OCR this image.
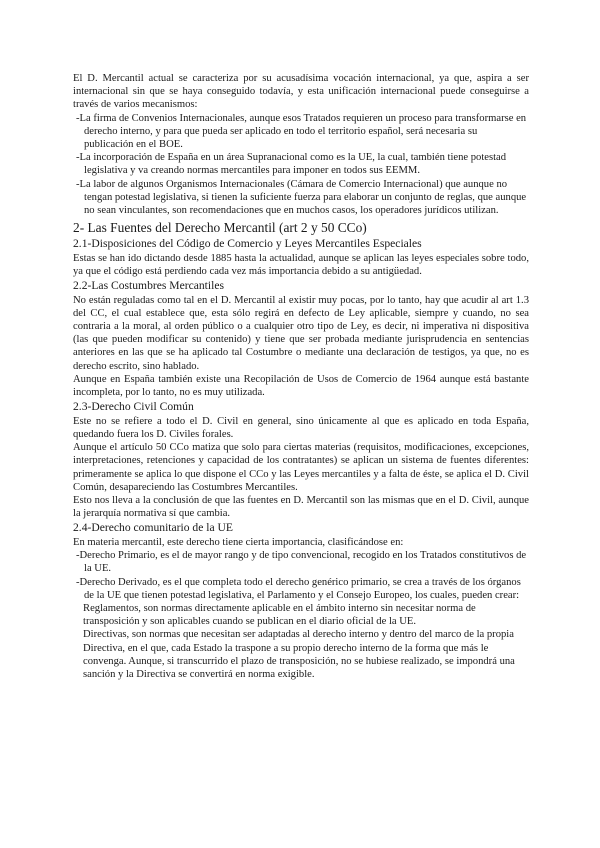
El D. Mercantil actual se caracteriza por su acusadísima vocación internacional, ya que, aspira a ser internacional sin que se haya conseguido todavía, y esta unificación internacional puede conseguirse a través de varios mecanismos:

-La firma de Convenios Internacionales, aunque esos Tratados requieren un proceso para transformarse en derecho interno, y para que pueda ser aplicado en todo el territorio español, será necesaria su publicación en el BOE.

-La incorporación de España en un área Supranacional como es la UE, la cual, también tiene potestad legislativa y va creando normas mercantiles para imponer en todos sus EEMM.

-La labor de algunos Organismos Internacionales (Cámara de Comercio Internacional) que aunque no tengan potestad legislativa, si tienen la suficiente fuerza para elaborar un conjunto de reglas, que aunque no sean vinculantes, son recomendaciones que en muchos casos, los operadores jurídicos utilizan.

2- Las Fuentes del Derecho Mercantil (art 2 y 50 CCo)
2.1-Disposiciones del Código de Comercio y Leyes Mercantiles Especiales

Estas se han ido dictando desde 1885 hasta la actualidad, aunque se aplican las leyes especiales sobre todo, ya que el código está perdiendo cada vez más importancia debido a su antigüedad.

2.2-Las Costumbres Mercantiles

No están reguladas como tal en el D. Mercantil al existir muy pocas, por lo tanto, hay que acudir al art 1.3 del CC, el cual establece que, esta sólo regirá en defecto de Ley aplicable, siempre y cuando, no sea contraria a la moral, al orden público o a cualquier otro tipo de Ley, es decir, ni imperativa ni dispositiva (las que pueden modificar su contenido) y tiene que ser probada mediante jurisprudencia en sentencias anteriores en las que se ha aplicado tal Costumbre o mediante una declaración de testigos, ya que, no es derecho escrito, sino hablado.

Aunque en España también existe una Recopilación de Usos de Comercio de 1964 aunque está bastante incompleta, por lo tanto, no es muy utilizada.

2.3-Derecho Civil Común

Este no se refiere a todo el D. Civil en general, sino únicamente al que es aplicado en toda España, quedando fuera los D. Civiles forales.

Aunque el artículo 50 CCo matiza que solo para ciertas materias (requisitos, modificaciones, excepciones, interpretaciones, retenciones y capacidad de los contratantes) se aplican un sistema de fuentes diferentes: primeramente se aplica lo que dispone el CCo y las Leyes mercantiles y a falta de éste, se aplica el D. Civil Común, desapareciendo las Costumbres Mercantiles.

Esto nos lleva a la conclusión de que las fuentes en D. Mercantil son las mismas que en el D. Civil, aunque la jerarquía normativa sí que cambia.

2.4-Derecho comunitario de la UE

En materia mercantil, este derecho tiene cierta importancia, clasificándose en:

-Derecho Primario, es el de mayor rango y de tipo convencional, recogido en los Tratados constitutivos de la UE.

-Derecho Derivado, es el que completa todo el derecho genérico primario, se crea a través de los órganos de la UE que tienen potestad legislativa, el Parlamento y el Consejo Europeo, los cuales, pueden crear:

Reglamentos, son normas directamente aplicable en el ámbito interno sin necesitar norma de transposición y son aplicables cuando se publican en el diario oficial de la UE.

Directivas, son normas que necesitan ser adaptadas al derecho interno y dentro del marco de la propia Directiva, en el que, cada Estado la traspone a su propio derecho interno de la forma que más le convenga. Aunque, si transcurrido el plazo de transposición, no se hubiese realizado, se impondrá una sanción y la Directiva se convertirá en norma exigible.
